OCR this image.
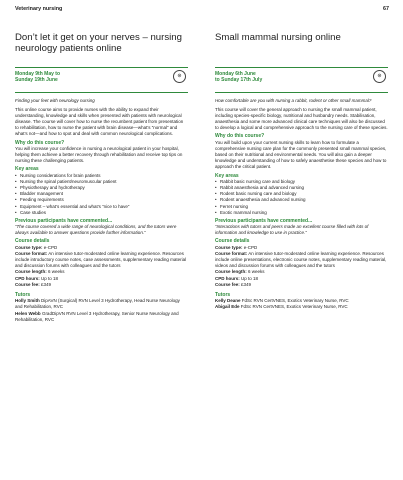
Veterinary nursing	67
Don’t let it get on your nerves – nursing neurology patients online
Monday 9th May to
Sunday 19th June
⊛

Finding your feet with neurology nursing

This online course aims to provide nurses with the ability to expand their understanding, knowledge and skills when presented with patients with neurological disease. The course will cover how to nurse the recumbent patient from presentation to rehabilitation, how to nurse the patient with brain disease—what’s “normal” and what’s not—and how to spot and deal with common neurological complications.

Why do this course?

You will increase your confidence in nursing a neurological patient in your hospital, helping them achieve a better recovery through rehabilitation and receive top tips on nursing these challenging patients.

Key areas
• Nursing considerations for brain patients
• Nursing the spinal patient/neuromuscular patient
• Physiotherapy and hydrotherapy
• Bladder management
• Feeding requirements
• Equipment – what’s essential and what’s “nice to have”
• Case studies
Previous participants have commented...

“The course covered a wide range of neurological conditions, and the tutors were always available to answer questions provide further information.”

Course details
Course type: e-CPD
Course format: An intensive tutor-moderated online learning experience. Resources include introductory course notes, case assessments, supplementary reading material and discussion forums with colleagues and the tutors
Course length: 6 weeks
CPD hours: Up to 18
Course fee: £349
Tutors
Holly Smith DipAVN (Surgical) RVN Level 3 Hydrotherapy, Head Nurse Neurology and Rehabilitation, RVC
Helen Webb GradDipVN RVN Level 3 Hydrotherapy, Senior Nurse Neurology and Rehabilitation, RVC
Small mammal nursing online
Monday 6th June
to Sunday 17th July
⊛

How comfortable are you with nursing a rabbit, rodent or other small mammal?

This course will cover the general approach to nursing the small mammal patient, including species-specific biology, nutritional and husbandry needs. Stabilisation, anaesthesia and some more advanced clinical care techniques will also be discussed to develop a logical and comprehensive approach to the nursing care of these species.

Why do this course?

You will build upon your current nursing skills to learn how to formulate a comprehensive nursing care plan for the commonly presented small mammal species, based on their nutritional and environmental needs. You will also gain a deeper knowledge and understanding of how to safely anaesthetise these species and how to approach the critical patient.

Key areas
• Rabbit basic nursing care and biology
• Rabbit anaesthesia and advanced nursing
• Rodent basic nursing care and biology
• Rodent anaesthesia and advanced nursing
• Ferret nursing
• Exotic mammal nursing
Previous participants have commented...

“Interactions with tutors and peers made an excellent course filled with lots of information and knowledge to use in practice.”

Course details
Course type: e-CPD
Course format: An intensive tutor-moderated online learning experience. Resources include online presentations, electronic course notes, supplementary reading material, videos and discussion forums with colleagues and the tutors
Course length: 6 weeks
CPD hours: Up to 18
Course fee: £349
Tutors
Kelly Deane FdSc RVN CertVNES, Exotics Veterinary Nurse, RVC
Abigail Ede FdSc RVN CertVNES, Exotics Veterinary Nurse, RVC
